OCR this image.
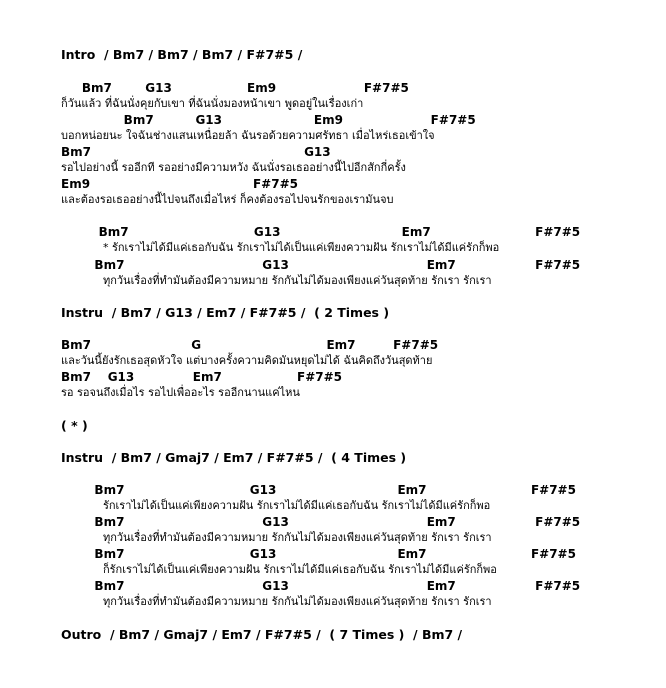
Intro  / Bm7 / Bm7 / Bm7 / F#7#5 /
Bm7        G13                  Em9                     F#7#5
ก็วันแล้ว ที่ฉันนั่งคุยกับเขา ที่ฉันนั่งมองหน้าเขา พูดอยู่ในเรื่องเก่า
Bm7          G13                      Em9                     F#7#5
บอกหน่อยนะ ใจฉันช่างแสนเหนื่อยล้า ฉันรอด้วยความศรัทธา เมื่อไหร่เธอเข้าใจ
Bm7                                                   G13
รอไปอย่างนี้ รออีกที รออย่างมีความหวัง ฉันนั่งรอเธออย่างนี้ไปอีกสักกี่ครั้ง
Em9                                       F#7#5
และต้องรอเธออย่างนี้ไปจนถึงเมื่อไหร่ ก็คงต้องรอไปจนรักของเรามันจบ
Bm7                              G13                             Em7                         F#7#5
* รักเราไม่ได้มีแค่เธอกับฉัน รักเราไม่ได้เป็นแค่เพียงความฝัน รักเราไม่ได้มีแค่รักก็พอ
Bm7                                 G13                                 Em7                   F#7#5
ทุกวันเรื่องที่ทำมันต้องมีความหมาย รักกันไม่ได้มองเพียงแค่วันสุดท้าย รักเรา รักเรา
Instru  / Bm7 / G13 / Em7 / F#7#5 /  ( 2 Times )
Bm7                        G                              Em7         F#7#5
และวันนี้ยังรักเธอสุดหัวใจ แต่บางครั้งความคิดมันหยุดไม่ได้ ฉันคิดถึงวันสุดท้าย
Bm7    G13              Em7                  F#7#5
รอ รอจนถึงเมื่อไร รอไปเพื่ออะไร รออีกนานแค่ไหน
( * )
Instru  / Bm7 / Gmaj7 / Em7 / F#7#5 /  ( 4 Times )
Bm7                              G13                             Em7                         F#7#5
รักเราไม่ได้เป็นแค่เพียงความฝัน รักเราไม่ได้มีแค่เธอกับฉัน รักเราไม่ได้มีแค่รักก็พอ
Bm7                                 G13                                 Em7                   F#7#5
ทุกวันเรื่องที่ทำมันต้องมีความหมาย รักกันไม่ได้มองเพียงแค่วันสุดท้าย รักเรา รักเรา
Bm7                              G13                             Em7                         F#7#5
ก็รักเราไม่ได้เป็นแค่เพียงความฝัน รักเราไม่ได้มีแค่เธอกับฉัน รักเราไม่ได้มีแค่รักก็พอ
Bm7                                 G13                                 Em7                   F#7#5
ทุกวันเรื่องที่ทำมันต้องมีความหมาย รักกันไม่ได้มองเพียงแค่วันสุดท้าย รักเรา รักเรา
Outro  / Bm7 / Gmaj7 / Em7 / F#7#5 /  ( 7 Times )  / Bm7 /
